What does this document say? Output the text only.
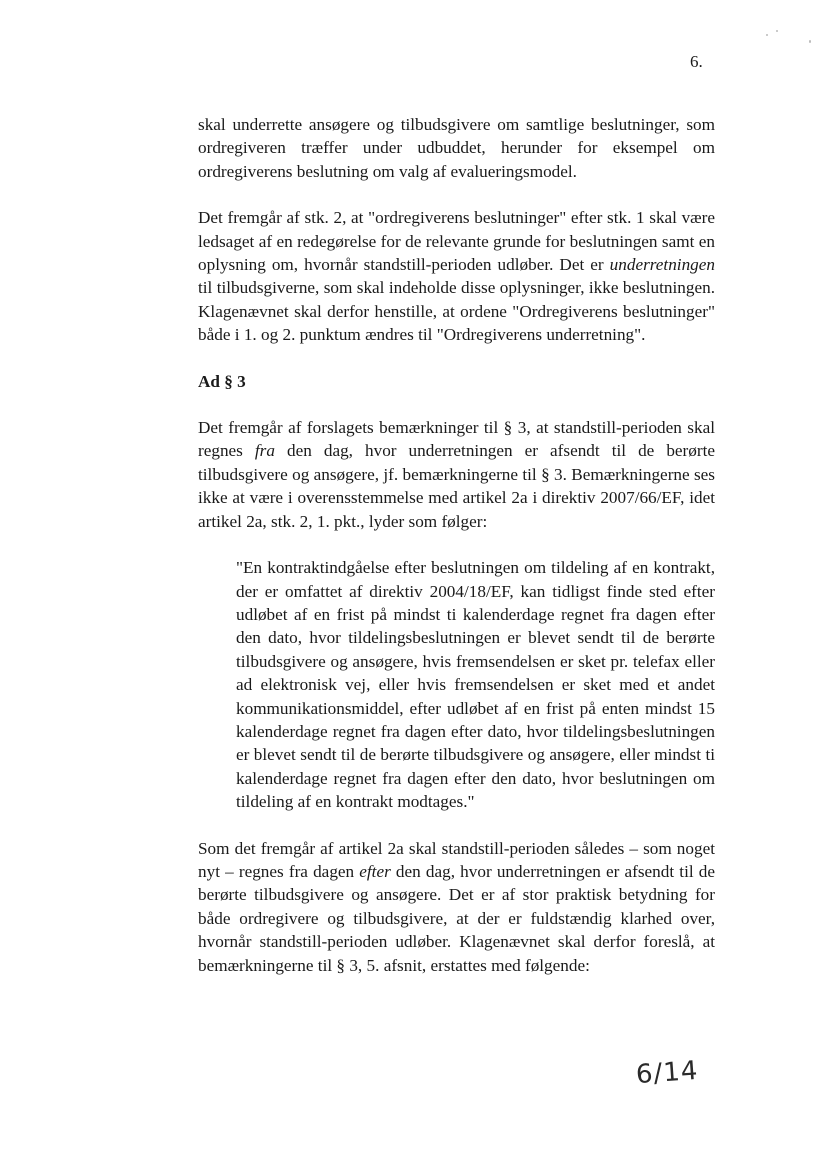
6.

skal underrette ansøgere og tilbudsgivere om samtlige beslutninger, som ordregiveren træffer under udbuddet, herunder for eksempel om ordregiverens beslutning om valg af evalueringsmodel.

Det fremgår af stk. 2, at "ordregiverens beslutninger" efter stk. 1 skal være ledsaget af en redegørelse for de relevante grunde for beslutningen samt en oplysning om, hvornår standstill-perioden udløber. Det er underretningen til tilbudsgiverne, som skal indeholde disse oplysninger, ikke beslutningen. Klagenævnet skal derfor henstille, at ordene "Ordregiverens beslutninger" både i 1. og 2. punktum ændres til "Ordregiverens underretning".

Ad § 3

Det fremgår af forslagets bemærkninger til § 3, at standstill-perioden skal regnes fra den dag, hvor underretningen er afsendt til de berørte tilbudsgivere og ansøgere, jf. bemærkningerne til § 3. Bemærkningerne ses ikke at være i overensstemmelse med artikel 2a i direktiv 2007/66/EF, idet artikel 2a, stk. 2, 1. pkt., lyder som følger:

"En kontraktindgåelse efter beslutningen om tildeling af en kontrakt, der er omfattet af direktiv 2004/18/EF, kan tidligst finde sted efter udløbet af en frist på mindst ti kalenderdage regnet fra dagen efter den dato, hvor tildelingsbeslutningen er blevet sendt til de berørte tilbudsgivere og ansøgere, hvis fremsendelsen er sket pr. telefax eller ad elektronisk vej, eller hvis fremsendelsen er sket med et andet kommunikationsmiddel, efter udløbet af en frist på enten mindst 15 kalenderdage regnet fra dagen efter dato, hvor tildelingsbeslutningen er blevet sendt til de berørte tilbudsgivere og ansøgere, eller mindst ti kalenderdage regnet fra dagen efter den dato, hvor beslutningen om tildeling af en kontrakt modtages."

Som det fremgår af artikel 2a skal standstill-perioden således – som noget nyt – regnes fra dagen efter den dag, hvor underretningen er afsendt til de berørte tilbudsgivere og ansøgere. Det er af stor praktisk betydning for både ordregivere og tilbudsgivere, at der er fuldstændig klarhed over, hvornår standstill-perioden udløber. Klagenævnet skal derfor foreslå, at bemærkningerne til § 3, 5. afsnit, erstattes med følgende:

6/14
